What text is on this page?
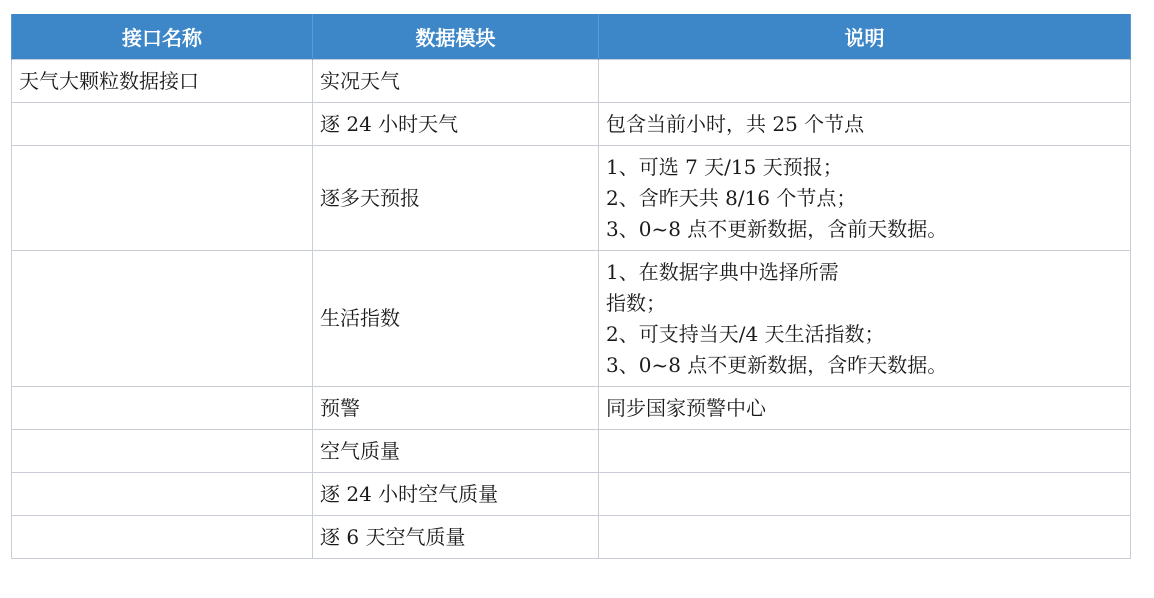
接口名称	数据模块	说明
天气大颗粒数据接口	实况天气	
	逐 24 小时天气	包含当前小时，共 25 个节点

	逐多天预报	1、可选 7 天/15 天预报；
2、含昨天共 8/16 个节点；
3、0~8 点不更新数据，含前天数据。

	生活指数	1、在数据字典中选择所需
指数；
2、可支持当天/4 天生活指数；
3、0~8 点不更新数据，含昨天数据。

	预警	同步国家预警中心

	空气质量	
	逐 24 小时空气质量	
	逐 6 天空气质量	
